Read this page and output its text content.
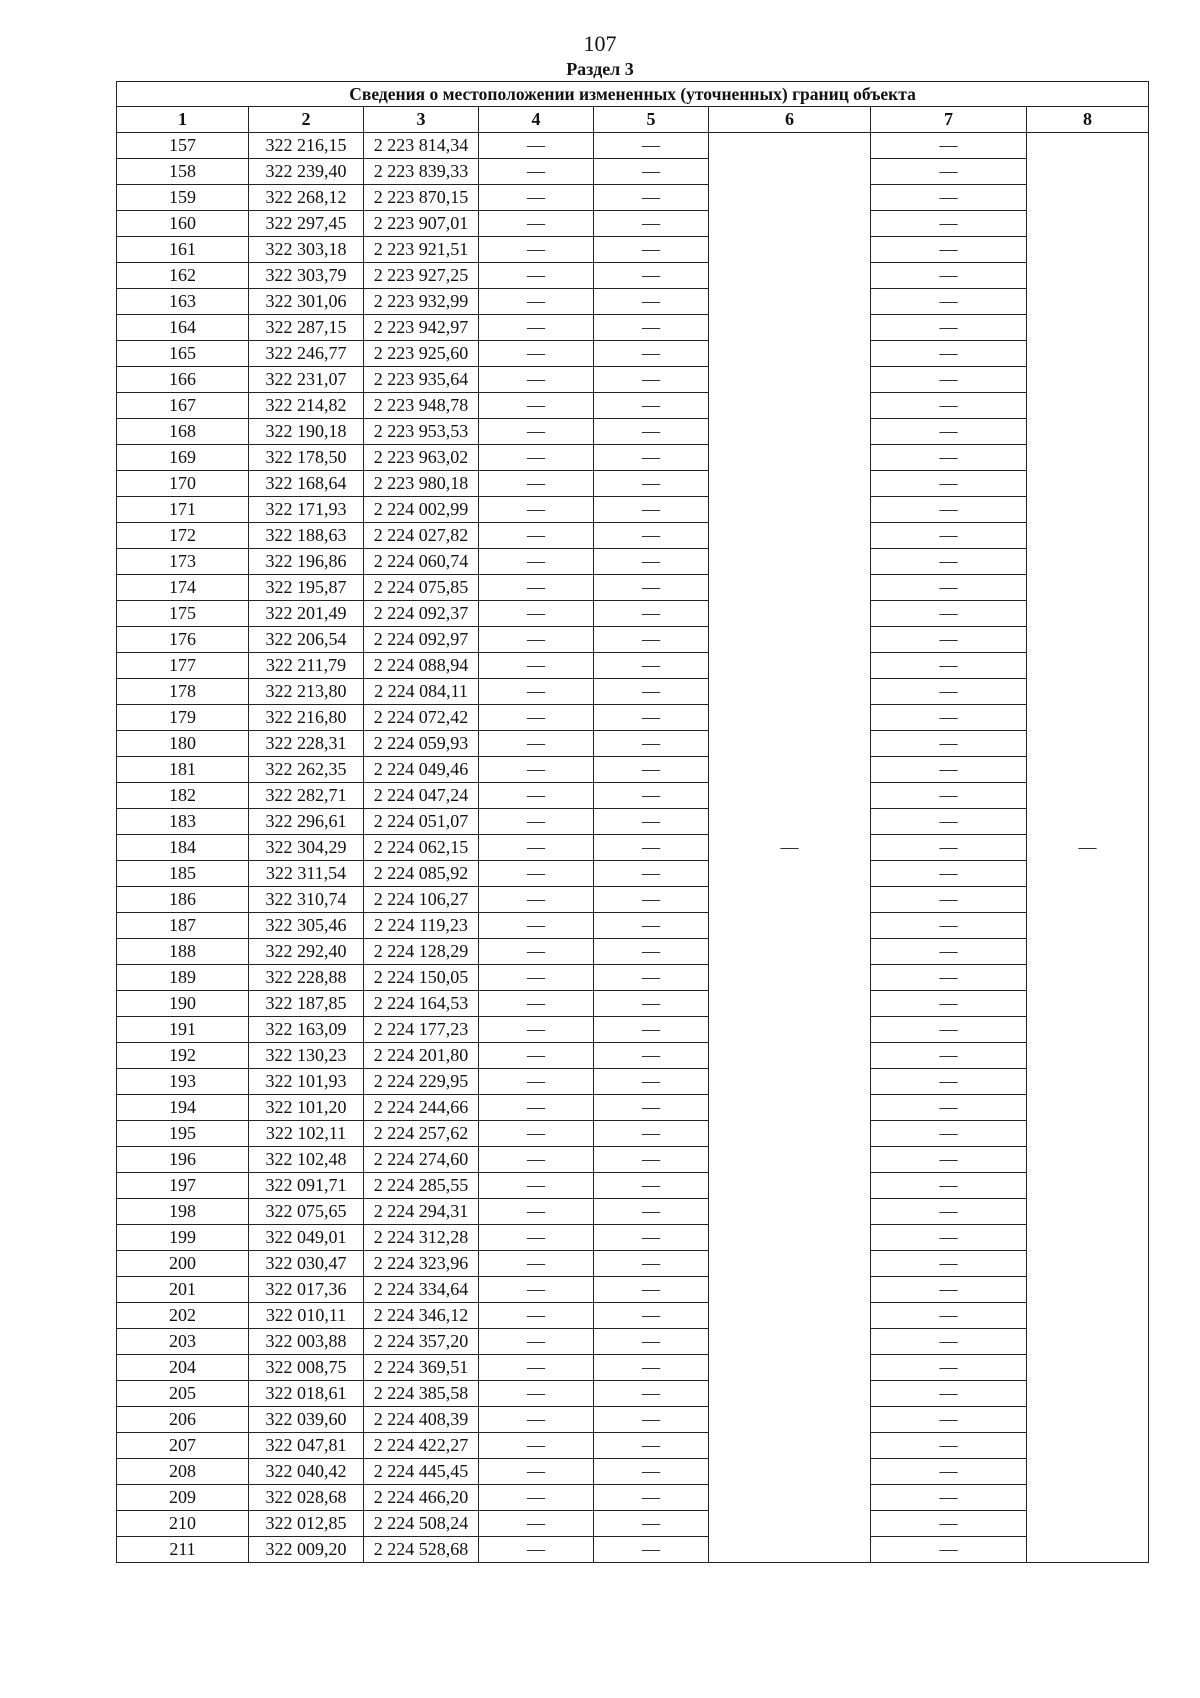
107
Раздел 3
Сведения о местоположении измененных (уточненных) границ объекта							
1	2	3	4	5	6	7	8
157	322 216,15	2 223 814,34	—	—	—	—	—
158	322 239,40	2 223 839,33	—	—		—	
159	322 268,12	2 223 870,15	—	—		—	
160	322 297,45	2 223 907,01	—	—		—	
161	322 303,18	2 223 921,51	—	—		—	
162	322 303,79	2 223 927,25	—	—		—	
163	322 301,06	2 223 932,99	—	—		—	
164	322 287,15	2 223 942,97	—	—		—	
165	322 246,77	2 223 925,60	—	—		—	
166	322 231,07	2 223 935,64	—	—		—	
167	322 214,82	2 223 948,78	—	—		—	
168	322 190,18	2 223 953,53	—	—		—	
169	322 178,50	2 223 963,02	—	—		—	
170	322 168,64	2 223 980,18	—	—		—	
171	322 171,93	2 224 002,99	—	—		—	
172	322 188,63	2 224 027,82	—	—		—	
173	322 196,86	2 224 060,74	—	—		—	
174	322 195,87	2 224 075,85	—	—		—	
175	322 201,49	2 224 092,37	—	—		—	
176	322 206,54	2 224 092,97	—	—		—	
177	322 211,79	2 224 088,94	—	—		—	
178	322 213,80	2 224 084,11	—	—		—	
179	322 216,80	2 224 072,42	—	—		—	
180	322 228,31	2 224 059,93	—	—		—	
181	322 262,35	2 224 049,46	—	—		—	
182	322 282,71	2 224 047,24	—	—		—	
183	322 296,61	2 224 051,07	—	—		—	
184	322 304,29	2 224 062,15	—	—		—	
185	322 311,54	2 224 085,92	—	—		—	
186	322 310,74	2 224 106,27	—	—		—	
187	322 305,46	2 224 119,23	—	—		—	
188	322 292,40	2 224 128,29	—	—		—	
189	322 228,88	2 224 150,05	—	—		—	
190	322 187,85	2 224 164,53	—	—		—	
191	322 163,09	2 224 177,23	—	—		—	
192	322 130,23	2 224 201,80	—	—		—	
193	322 101,93	2 224 229,95	—	—		—	
194	322 101,20	2 224 244,66	—	—		—	
195	322 102,11	2 224 257,62	—	—		—	
196	322 102,48	2 224 274,60	—	—		—	
197	322 091,71	2 224 285,55	—	—		—	
198	322 075,65	2 224 294,31	—	—		—	
199	322 049,01	2 224 312,28	—	—		—	
200	322 030,47	2 224 323,96	—	—		—	
201	322 017,36	2 224 334,64	—	—		—	
202	322 010,11	2 224 346,12	—	—		—	
203	322 003,88	2 224 357,20	—	—		—	
204	322 008,75	2 224 369,51	—	—		—	
205	322 018,61	2 224 385,58	—	—		—	
206	322 039,60	2 224 408,39	—	—		—	
207	322 047,81	2 224 422,27	—	—		—	
208	322 040,42	2 224 445,45	—	—		—	
209	322 028,68	2 224 466,20	—	—		—	
210	322 012,85	2 224 508,24	—	—		—	
211	322 009,20	2 224 528,68	—	—		—	
